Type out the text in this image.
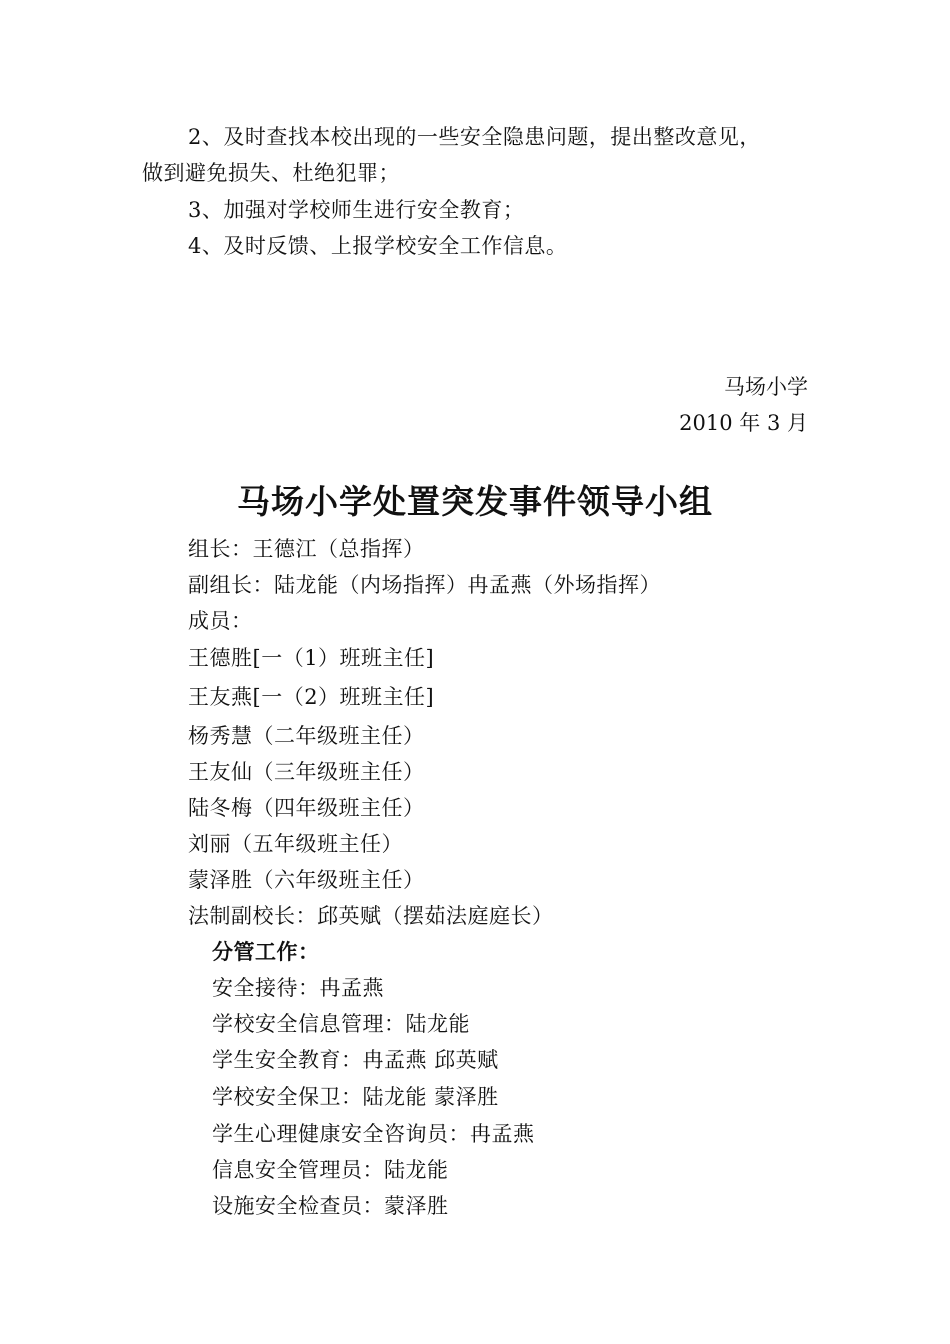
2、及时查找本校出现的一些安全隐患问题，提出整改意见，
做到避免损失、杜绝犯罪；
3、加强对学校师生进行安全教育；
4、及时反馈、上报学校安全工作信息。
马场小学
2010 年 3 月
马场小学处置突发事件领导小组
组长：王德江（总指挥）
副组长：陆龙能（内场指挥）冉孟燕（外场指挥）
成员：
王德胜[一（1）班班主任]
王友燕[一（2）班班主任]
杨秀慧（二年级班主任）
王友仙（三年级班主任）
陆冬梅（四年级班主任）
刘丽（五年级班主任）
蒙泽胜（六年级班主任）
法制副校长：邱英赋（摆茹法庭庭长）
分管工作：
安全接待：冉孟燕
学校安全信息管理：陆龙能
学生安全教育：冉孟燕 邱英赋
学校安全保卫：陆龙能 蒙泽胜
学生心理健康安全咨询员：冉孟燕
信息安全管理员：陆龙能
设施安全检查员：蒙泽胜
